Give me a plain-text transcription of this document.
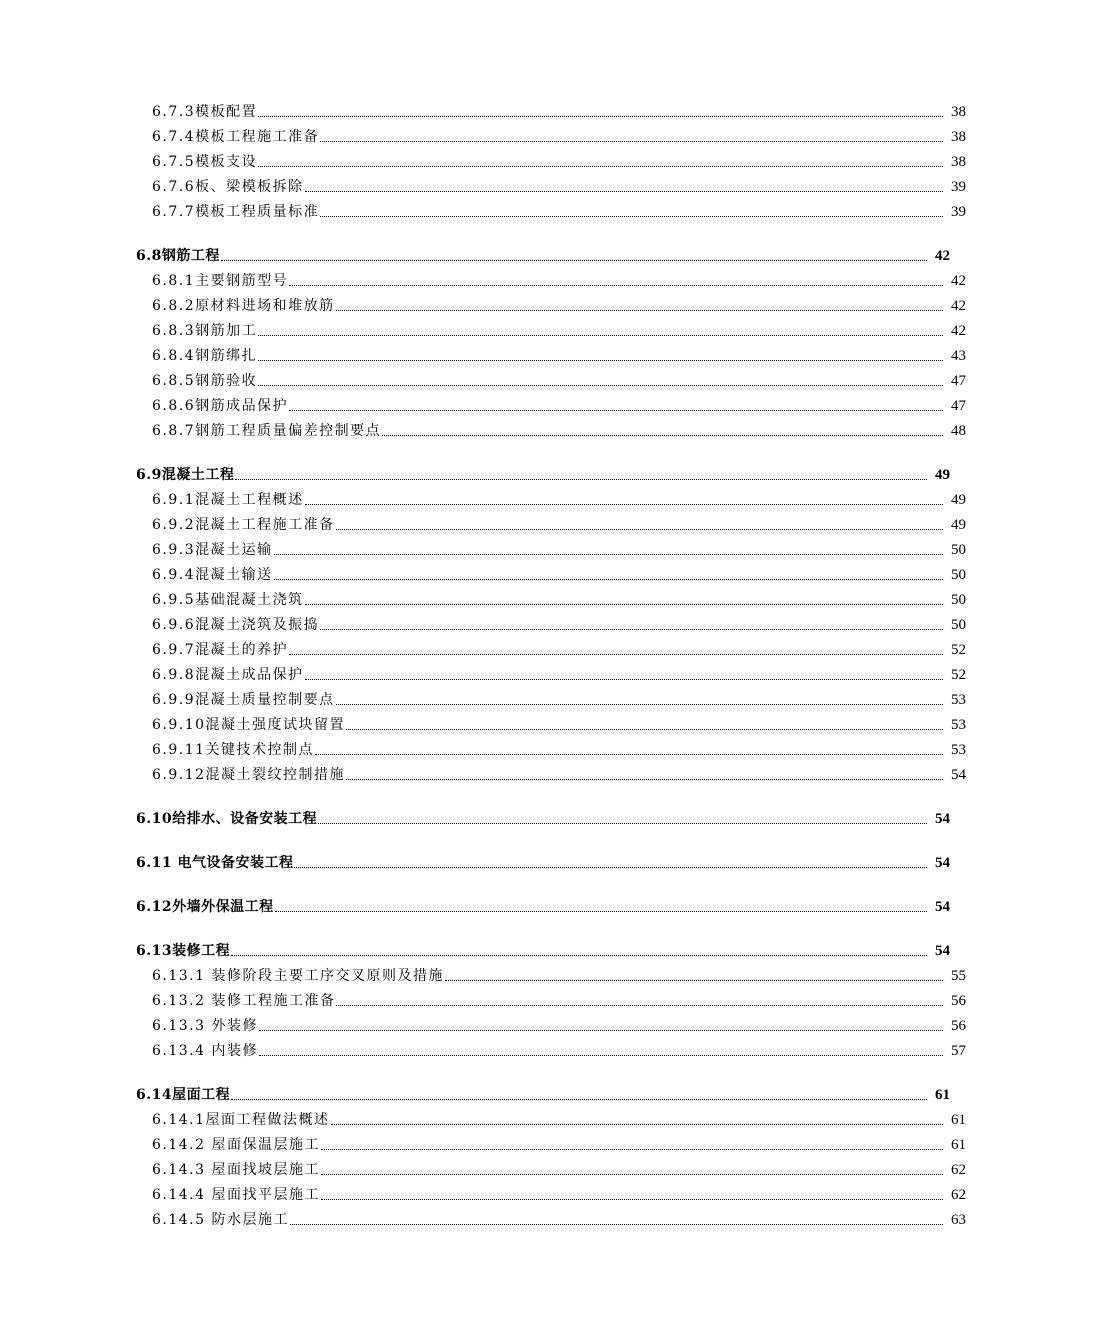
6.7.3模板配置	38
6.7.4模板工程施工准备	38
6.7.5模板支设	38
6.7.6板、梁模板拆除	39
6.7.7模板工程质量标准	39
6.8钢筋工程	42
6.8.1主要钢筋型号	42
6.8.2原材料进场和堆放筋	42
6.8.3钢筋加工	42
6.8.4钢筋绑扎	43
6.8.5钢筋验收	47
6.8.6钢筋成品保护	47
6.8.7钢筋工程质量偏差控制要点	48
6.9混凝土工程	49
6.9.1混凝土工程概述	49
6.9.2混凝土工程施工准备	49
6.9.3混凝土运输	50
6.9.4混凝土输送	50
6.9.5基础混凝土浇筑	50
6.9.6混凝土浇筑及振捣	50
6.9.7混凝土的养护	52
6.9.8混凝土成品保护	52
6.9.9混凝土质量控制要点	53
6.9.10混凝土强度试块留置	53
6.9.11关键技术控制点	53
6.9.12混凝土裂纹控制措施	54
6.10给排水、设备安装工程	54
6.11 电气设备安装工程	54
6.12外墙外保温工程	54
6.13装修工程	54
6.13.1 装修阶段主要工序交叉原则及措施	55
6.13.2 装修工程施工准备	56
6.13.3 外装修	56
6.13.4 内装修	57
6.14屋面工程	61
6.14.1屋面工程做法概述	61
6.14.2 屋面保温层施工	61
6.14.3 屋面找坡层施工	62
6.14.4 屋面找平层施工	62
6.14.5 防水层施工	63
